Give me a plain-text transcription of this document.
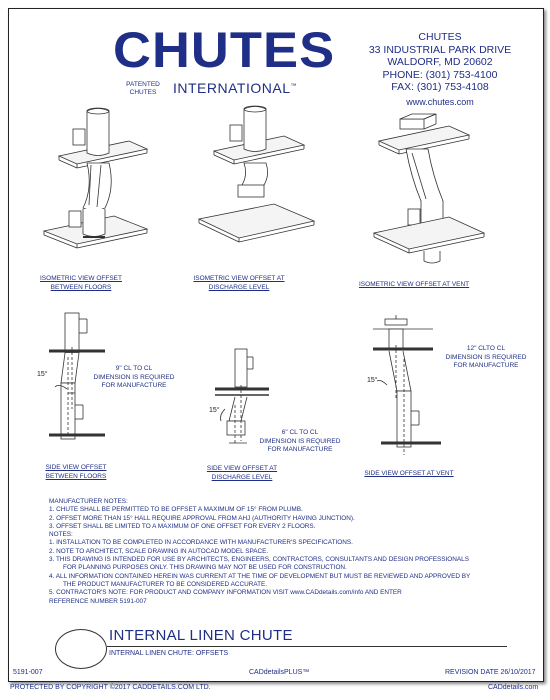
CHUTES
PATENTED
CHUTES	INTERNATIONAL™
CHUTES
33 INDUSTRIAL PARK DRIVE
WALDORF, MD 20602
PHONE: (301) 753-4100
FAX: (301) 753-4108
www.chutes.com
ISOMETRIC VIEW OFFSET
BETWEEN FLOORS
ISOMETRIC VIEW OFFSET AT
DISCHARGE LEVEL	ISOMETRIC VIEW OFFSET AT VENT
15°
9" CL TO CL
DIMENSION IS REQUIRED
FOR MANUFACTURE
SIDE VIEW OFFSET
BETWEEN FLOORS
15°
6" CL TO CL
DIMENSION IS REQUIRED
FOR MANUFACTURE
SIDE VIEW OFFSET AT
DISCHARGE LEVEL
15°
12" CLTO CL
DIMENSION IS REQUIRED
FOR MANUFACTURE
SIDE VIEW OFFSET AT VENT
MANUFACTURER NOTES:
1. CHUTE SHALL BE PERMITTED TO BE OFFSET A MAXIMUM OF 15° FROM PLUMB.
2. OFFSET MORE THAN 15° HALL REQUIRE APPROVAL FROM AHJ (AUTHORITY HAVING JUNCTION).
3. OFFSET SHALL BE LIMITED TO A MAXIMUM OF ONE OFFSET FOR EVERY 2 FLOORS.
NOTES:
1. INSTALLATION TO BE COMPLETED IN ACCORDANCE WITH MANUFACTURER'S SPECIFICATIONS.
2. NOTE TO ARCHITECT, SCALE DRAWING IN AUTOCAD MODEL SPACE.
3. THIS DRAWING IS INTENDED FOR USE BY ARCHITECTS, ENGINEERS, CONTRACTORS, CONSULTANTS AND DESIGN PROFESSIONALS
FOR PLANNING PURPOSES ONLY. THIS DRAWING MAY NOT BE USED FOR CONSTRUCTION.
4. ALL INFORMATION CONTAINED HEREIN WAS CURRENT AT THE TIME OF DEVELOPMENT BUT MUST BE REVIEWED AND APPROVED BY
THE PRODUCT MANUFACTURER TO BE CONSIDERED ACCURATE.
5. CONTRACTOR'S NOTE: FOR PRODUCT AND COMPANY INFORMATION VISIT www.CADdetails.com/info AND ENTER
REFERENCE NUMBER 5191-007
INTERNAL LINEN CHUTE
INTERNAL LINEN CHUTE: OFFSETS
5191-007	CADdetailsPLUS™	REVISION DATE 26/10/2017
PROTECTED BY COPYRIGHT ©2017 CADDETAILS.COM LTD.	CADdetails.com
